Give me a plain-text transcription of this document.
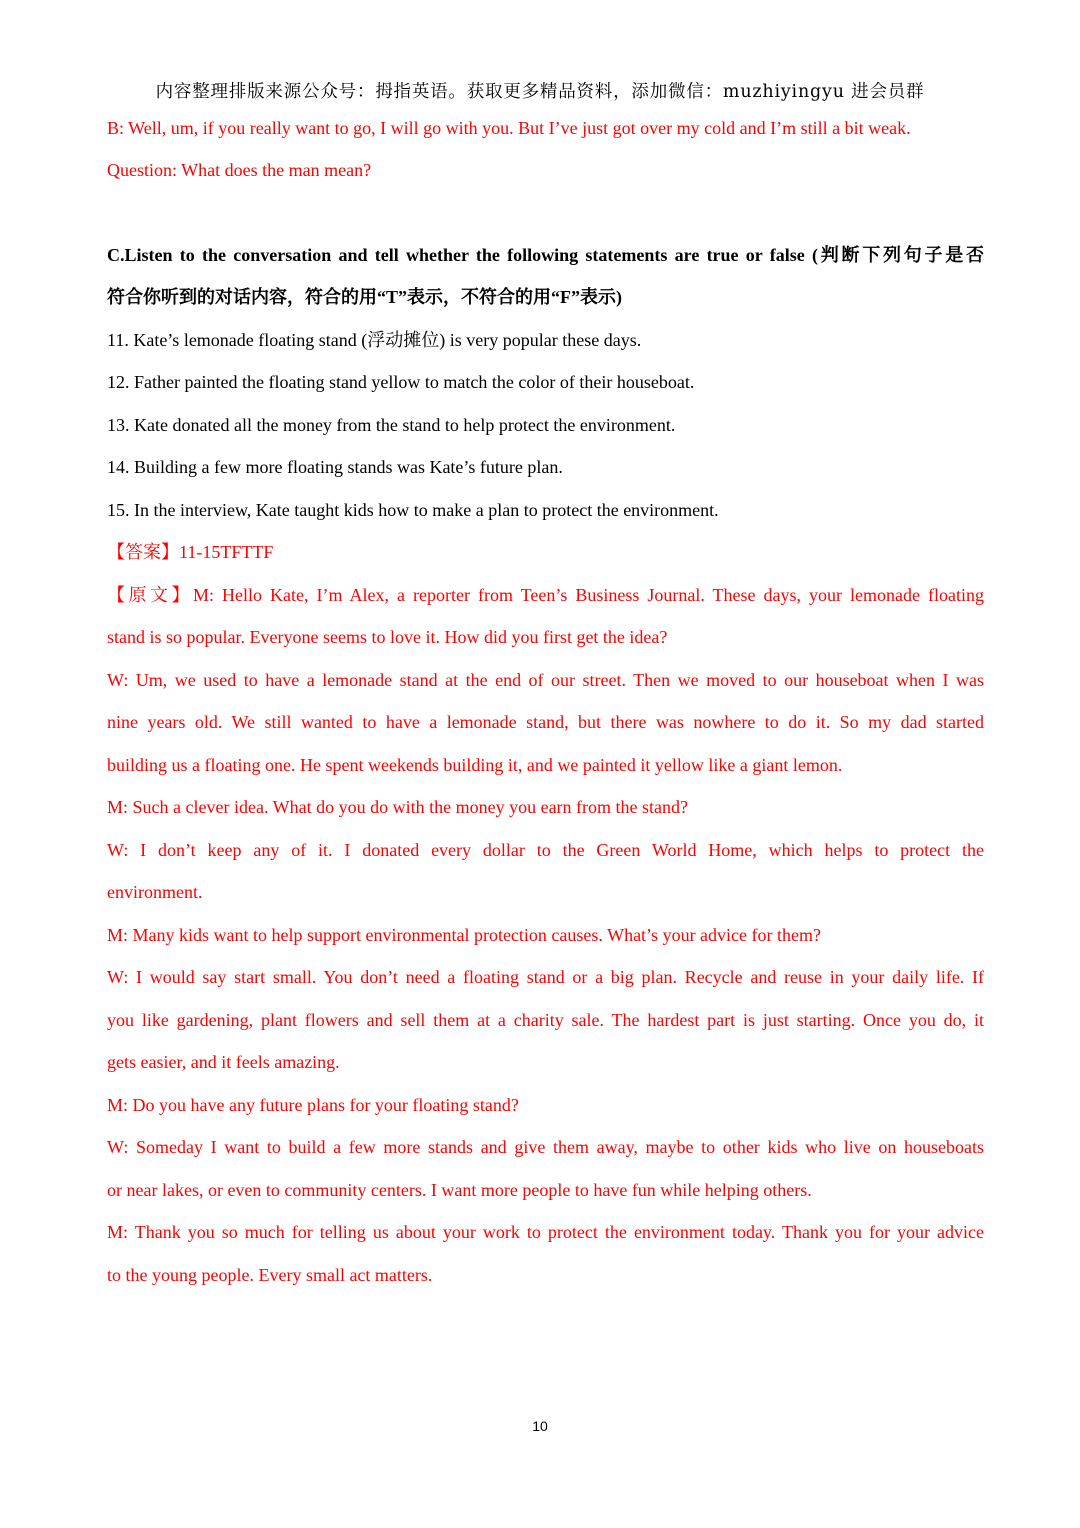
内容整理排版来源公众号：拇指英语。获取更多精品资料，添加微信：muzhiyingyu 进会员群
B: Well, um, if you really want to go, I will go with you. But I’ve just got over my cold and I’m still a bit weak.
Question: What does the man mean?
C.Listen to the conversation and tell whether the following statements are true or false (判断下列句子是否
符合你听到的对话内容，符合的用“T”表示，不符合的用“F”表示)
11. Kate’s lemonade floating stand (浮动摊位) is very popular these days.
12. Father painted the floating stand yellow to match the color of their houseboat.
13. Kate donated all the money from the stand to help protect the environment.
14. Building a few more floating stands was Kate’s future plan.
15. In the interview, Kate taught kids how to make a plan to protect the environment.
【答案】11-15TFTTF
【原文】M: Hello Kate, I’m Alex, a reporter from Teen’s Business Journal. These days, your lemonade floating
stand is so popular. Everyone seems to love it. How did you first get the idea?
W: Um, we used to have a lemonade stand at the end of our street. Then we moved to our houseboat when I was
nine years old. We still wanted to have a lemonade stand, but there was nowhere to do it. So my dad started
building us a floating one. He spent weekends building it, and we painted it yellow like a giant lemon.
M: Such a clever idea. What do you do with the money you earn from the stand?
W: I don’t keep any of it. I donated every dollar to the Green World Home, which helps to protect the
environment.
M: Many kids want to help support environmental protection causes. What’s your advice for them?
W: I would say start small. You don’t need a floating stand or a big plan. Recycle and reuse in your daily life. If
you like gardening, plant flowers and sell them at a charity sale. The hardest part is just starting. Once you do, it
gets easier, and it feels amazing.
M: Do you have any future plans for your floating stand?
W: Someday I want to build a few more stands and give them away, maybe to other kids who live on houseboats
or near lakes, or even to community centers. I want more people to have fun while helping others.
M: Thank you so much for telling us about your work to protect the environment today. Thank you for your advice
to the young people. Every small act matters.
10
